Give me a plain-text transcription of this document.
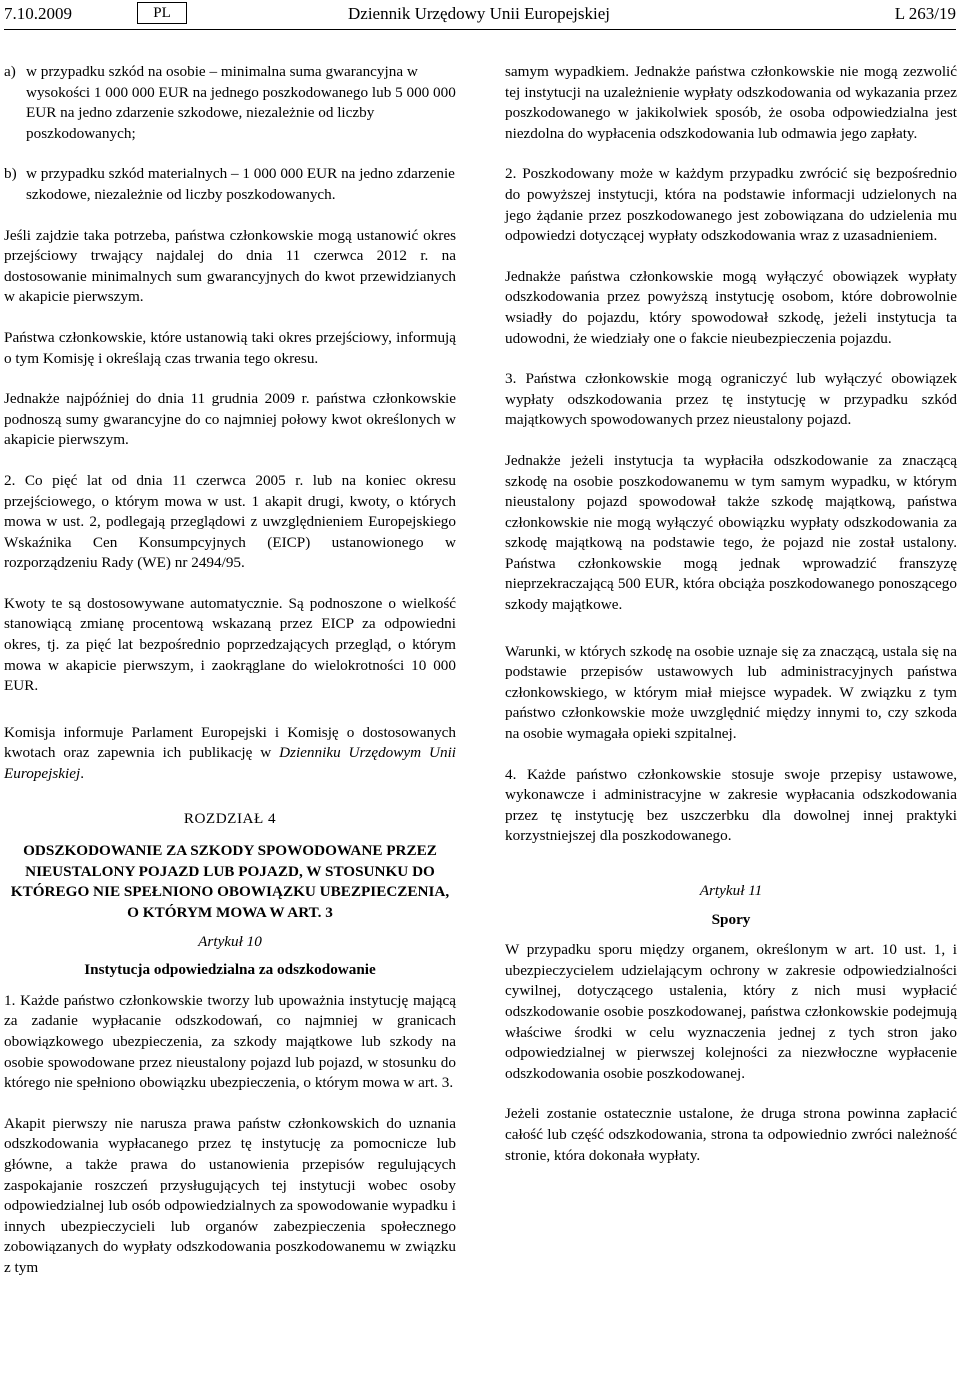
7.10.2009	PL	Dziennik Urzędowy Unii Europejskiej	L 263/19
a) w przypadku szkód na osobie – minimalna suma gwarancyjna w wysokości 1 000 000 EUR na jednego poszkodowanego lub 5 000 000 EUR na jedno zdarzenie szkodowe, niezależnie od liczby poszkodowanych;
b) w przypadku szkód materialnych – 1 000 000 EUR na jedno zdarzenie szkodowe, niezależnie od liczby poszkodowanych.

Jeśli zajdzie taka potrzeba, państwa członkowskie mogą ustanowić okres przejściowy trwający najdalej do dnia 11 czerwca 2012 r. na dostosowanie minimalnych sum gwarancyjnych do kwot przewidzianych w akapicie pierwszym.

Państwa członkowskie, które ustanowią taki okres przejściowy, informują o tym Komisję i określają czas trwania tego okresu.

Jednakże najpóźniej do dnia 11 grudnia 2009 r. państwa członkowskie podnoszą sumy gwarancyjne do co najmniej połowy kwot określonych w akapicie pierwszym.

2. Co pięć lat od dnia 11 czerwca 2005 r. lub na koniec okresu przejściowego, o którym mowa w ust. 1 akapit drugi, kwoty, o których mowa w ust. 2, podlegają przeglądowi z uwzględnieniem Europejskiego Wskaźnika Cen Konsumpcyjnych (EICP) ustanowionego w rozporządzeniu Rady (WE) nr 2494/95.

Kwoty te są dostosowywane automatycznie. Są podnoszone o wielkość stanowiącą zmianę procentową wskazaną przez EICP za odpowiedni okres, tj. za pięć lat bezpośrednio poprzedzających przegląd, o którym mowa w akapicie pierwszym, i zaokrąglane do wielokrotności 10 000 EUR.

Komisja informuje Parlament Europejski i Komisję o dostosowanych kwotach oraz zapewnia ich publikację w Dzienniku Urzędowym Unii Europejskiej.

ROZDZIAŁ 4
ODSZKODOWANIE ZA SZKODY SPOWODOWANE PRZEZ NIEUSTALONY POJAZD LUB POJAZD, W STOSUNKU DO KTÓREGO NIE SPEŁNIONO OBOWIĄZKU UBEZPIECZENIA, O KTÓRYM MOWA W ART. 3
Artykuł 10
Instytucja odpowiedzialna za odszkodowanie

1. Każde państwo członkowskie tworzy lub upoważnia instytucję mającą za zadanie wypłacanie odszkodowań, co najmniej w granicach obowiązkowego ubezpieczenia, za szkody majątkowe lub szkody na osobie spowodowane przez nieustalony pojazd lub pojazd, w stosunku do którego nie spełniono obowiązku ubezpieczenia, o którym mowa w art. 3.

Akapit pierwszy nie narusza prawa państw członkowskich do uznania odszkodowania wypłacanego przez tę instytucję za pomocnicze lub główne, a także prawa do ustanowienia przepisów regulujących zaspokajanie roszczeń przysługujących tej instytucji wobec osoby odpowiedzialnej lub osób odpowiedzialnych za spowodowanie wypadku i innych ubezpieczycieli lub organów zabezpieczenia społecznego zobowiązanych do wypłaty odszkodowania poszkodowanemu w związku z tym

samym wypadkiem. Jednakże państwa członkowskie nie mogą zezwolić tej instytucji na uzależnienie wypłaty odszkodowania od wykazania przez poszkodowanego w jakikolwiek sposób, że osoba odpowiedzialna jest niezdolna do wypłacenia odszkodowania lub odmawia jego zapłaty.

2. Poszkodowany może w każdym przypadku zwrócić się bezpośrednio do powyższej instytucji, która na podstawie informacji udzielonych na jego żądanie przez poszkodowanego jest zobowiązana do udzielenia mu odpowiedzi dotyczącej wypłaty odszkodowania wraz z uzasadnieniem.

Jednakże państwa członkowskie mogą wyłączyć obowiązek wypłaty odszkodowania przez powyższą instytucję osobom, które dobrowolnie wsiadły do pojazdu, który spowodował szkodę, jeżeli instytucja ta udowodni, że wiedziały one o fakcie nieubezpieczenia pojazdu.

3. Państwa członkowskie mogą ograniczyć lub wyłączyć obowiązek wypłaty odszkodowania przez tę instytucję w przypadku szkód majątkowych spowodowanych przez nieustalony pojazd.

Jednakże jeżeli instytucja ta wypłaciła odszkodowanie za znaczącą szkodę na osobie poszkodowanemu w tym samym wypadku, w którym nieustalony pojazd spowodował także szkodę majątkową, państwa członkowskie nie mogą wyłączyć obowiązku wypłaty odszkodowania za szkodę majątkową na podstawie tego, że pojazd nie został ustalony. Państwa członkowskie mogą jednak wprowadzić franszyzę nieprzekraczającą 500 EUR, która obciąża poszkodowanego ponoszącego szkody majątkowe.

Warunki, w których szkodę na osobie uznaje się za znaczącą, ustala się na podstawie przepisów ustawowych lub administracyjnych państwa członkowskiego, w którym miał miejsce wypadek. W związku z tym państwo członkowskie może uwzględnić między innymi to, czy szkoda na osobie wymagała opieki szpitalnej.

4. Każde państwo członkowskie stosuje swoje przepisy ustawowe, wykonawcze i administracyjne w zakresie wypłacania odszkodowania przez tę instytucję bez uszczerbku dla dowolnej innej praktyki korzystniejszej dla poszkodowanego.

Artykuł 11
Spory

W przypadku sporu między organem, określonym w art. 10 ust. 1, i ubezpieczycielem udzielającym ochrony w zakresie odpowiedzialności cywilnej, dotyczącego ustalenia, który z nich musi wypłacić odszkodowanie osobie poszkodowanej, państwa członkowskie podejmują właściwe środki w celu wyznaczenia jednej z tych stron jako odpowiedzialnej w pierwszej kolejności za niezwłoczne wypłacenie odszkodowania osobie poszkodowanej.

Jeżeli zostanie ostatecznie ustalone, że druga strona powinna zapłacić całość lub część odszkodowania, strona ta odpowiednio zwróci należność stronie, która dokonała wypłaty.
